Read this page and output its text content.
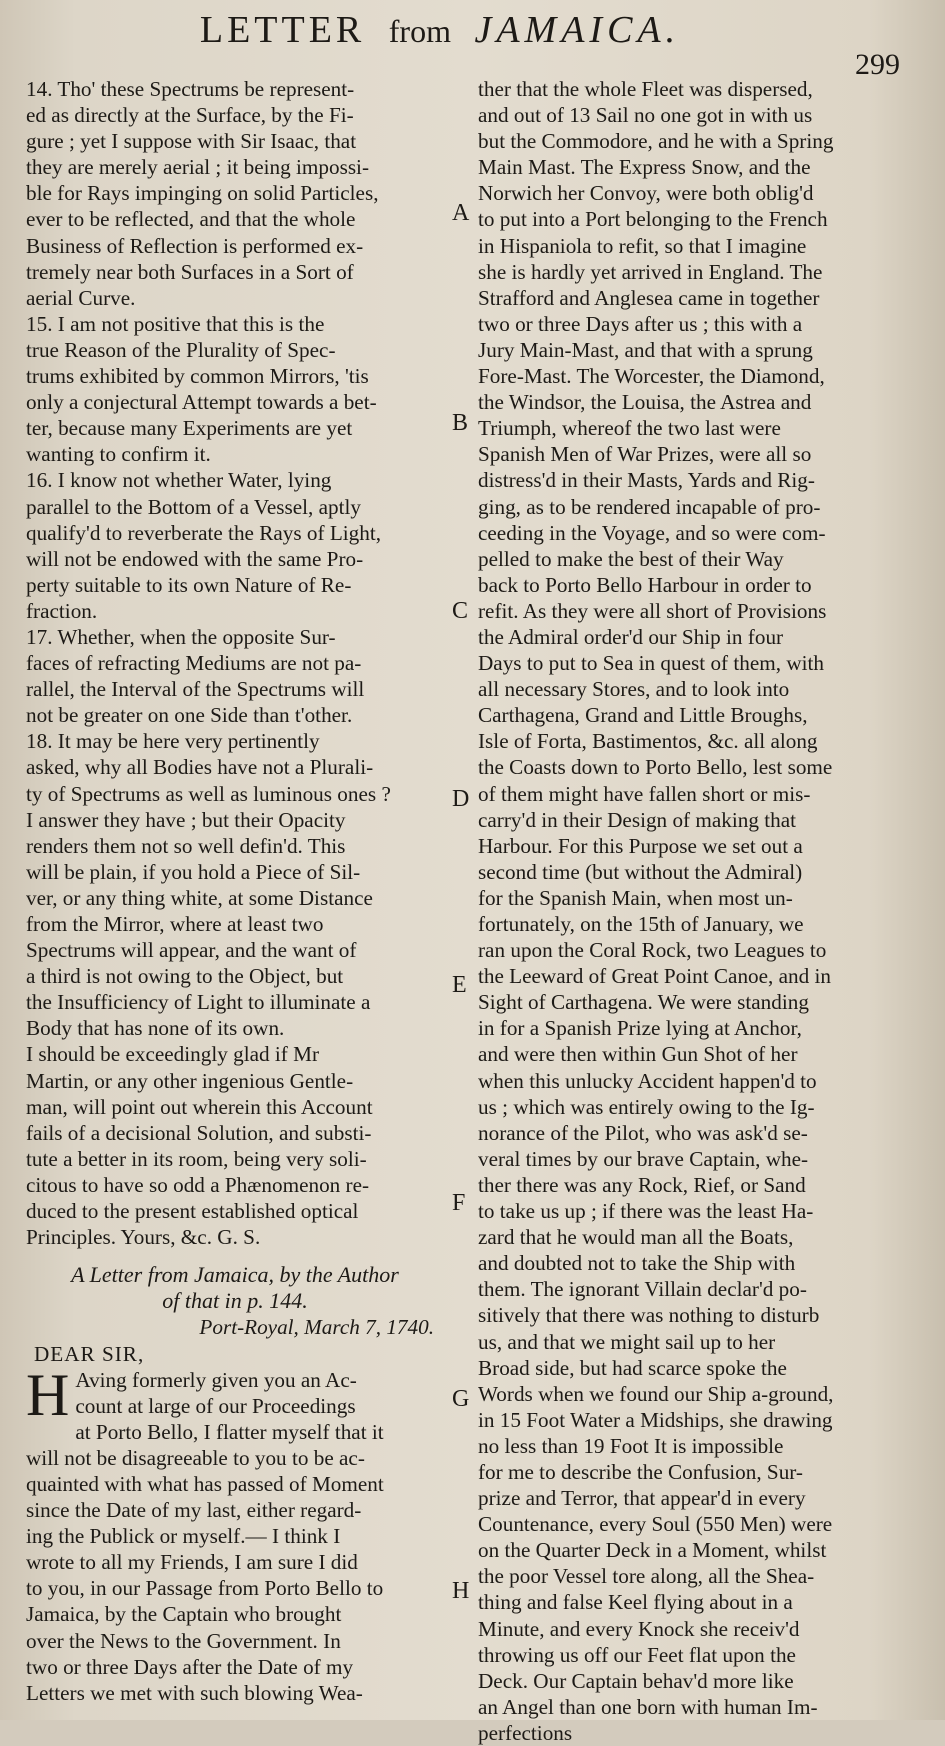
LETTER from JAMAICA.
299
14. Tho' these Spectrums be represent-
ed as directly at the Surface, by the Fi-
gure ; yet I suppose with Sir Isaac, that
they are merely aerial ; it being impossi-
ble for Rays impinging on solid Particles,
ever to be reflected, and that the whole
Business of Reflection is performed ex-
tremely near both Surfaces in a Sort of
aerial Curve.
15. I am not positive that this is the
true Reason of the Plurality of Spec-
trums exhibited by common Mirrors, 'tis
only a conjectural Attempt towards a bet-
ter, because many Experiments are yet
wanting to confirm it.
16. I know not whether Water, lying
parallel to the Bottom of a Vessel, aptly
qualify'd to reverberate the Rays of Light,
will not be endowed with the same Pro-
perty suitable to its own Nature of Re-
fraction.
17. Whether, when the opposite Sur-
faces of refracting Mediums are not pa-
rallel, the Interval of the Spectrums will
not be greater on one Side than t'other.
18. It may be here very pertinently
asked, why all Bodies have not a Plurali-
ty of Spectrums as well as luminous ones ?
I answer they have ; but their Opacity
renders them not so well defin'd. This
will be plain, if you hold a Piece of Sil-
ver, or any thing white, at some Distance
from the Mirror, where at least two
Spectrums will appear, and the want of
a third is not owing to the Object, but
the Insufficiency of Light to illuminate a
Body that has none of its own.
I should be exceedingly glad if Mr
Martin, or any other ingenious Gentle-
man, will point out wherein this Account
fails of a decisional Solution, and substi-
tute a better in its room, being very soli-
citous to have so odd a Phænomenon re-
duced to the present established optical
Principles. Yours, &c. G. S.
A Letter from Jamaica, by the Author
of that in p. 144.
Port-Royal, March 7, 1740.
DEAR SIR,
H Aving formerly given you an Ac-
count at large of our Proceedings
at Porto Bello, I flatter myself that it
will not be disagreeable to you to be ac-
quainted with what has passed of Moment
since the Date of my last, either regard-
ing the Publick or myself.— I think I
wrote to all my Friends, I am sure I did
to you, in our Passage from Porto Bello to
Jamaica, by the Captain who brought
over the News to the Government. In
two or three Days after the Date of my
Letters we met with such blowing Wea-
ther that the whole Fleet was dispersed,
and out of 13 Sail no one got in with us
but the Commodore, and he with a Spring
Main Mast. The Express Snow, and the
Norwich her Convoy, were both oblig'd
to put into a Port belonging to the French
in Hispaniola to refit, so that I imagine
she is hardly yet arrived in England. The
Strafford and Anglesea came in together
two or three Days after us ; this with a
Jury Main-Mast, and that with a sprung
Fore-Mast. The Worcester, the Diamond,
the Windsor, the Louisa, the Astrea and
Triumph, whereof the two last were
Spanish Men of War Prizes, were all so
distress'd in their Masts, Yards and Rig-
ging, as to be rendered incapable of pro-
ceeding in the Voyage, and so were com-
pelled to make the best of their Way
back to Porto Bello Harbour in order to
refit. As they were all short of Provisions
the Admiral order'd our Ship in four
Days to put to Sea in quest of them, with
all necessary Stores, and to look into
Carthagena, Grand and Little Broughs,
Isle of Forta, Bastimentos, &c. all along
the Coasts down to Porto Bello, lest some
of them might have fallen short or mis-
carry'd in their Design of making that
Harbour. For this Purpose we set out a
second time (but without the Admiral)
for the Spanish Main, when most un-
fortunately, on the 15th of January, we
ran upon the Coral Rock, two Leagues to
the Leeward of Great Point Canoe, and in
Sight of Carthagena. We were standing
in for a Spanish Prize lying at Anchor,
and were then within Gun Shot of her
when this unlucky Accident happen'd to
us ; which was entirely owing to the Ig-
norance of the Pilot, who was ask'd se-
veral times by our brave Captain, whe-
ther there was any Rock, Rief, or Sand
to take us up ; if there was the least Ha-
zard that he would man all the Boats,
and doubted not to take the Ship with
them. The ignorant Villain declar'd po-
sitively that there was nothing to disturb
us, and that we might sail up to her
Broad side, but had scarce spoke the
Words when we found our Ship a-ground,
in 15 Foot Water a Midships, she drawing
no less than 19 Foot It is impossible
for me to describe the Confusion, Sur-
prize and Terror, that appear'd in every
Countenance, every Soul (550 Men) were
on the Quarter Deck in a Moment, whilst
the poor Vessel tore along, all the Shea-
thing and false Keel flying about in a
Minute, and every Knock she receiv'd
throwing us off our Feet flat upon the
Deck. Our Captain behav'd more like
an Angel than one born with human Im-
perfections
A
B
C
D
E
F
G
H
